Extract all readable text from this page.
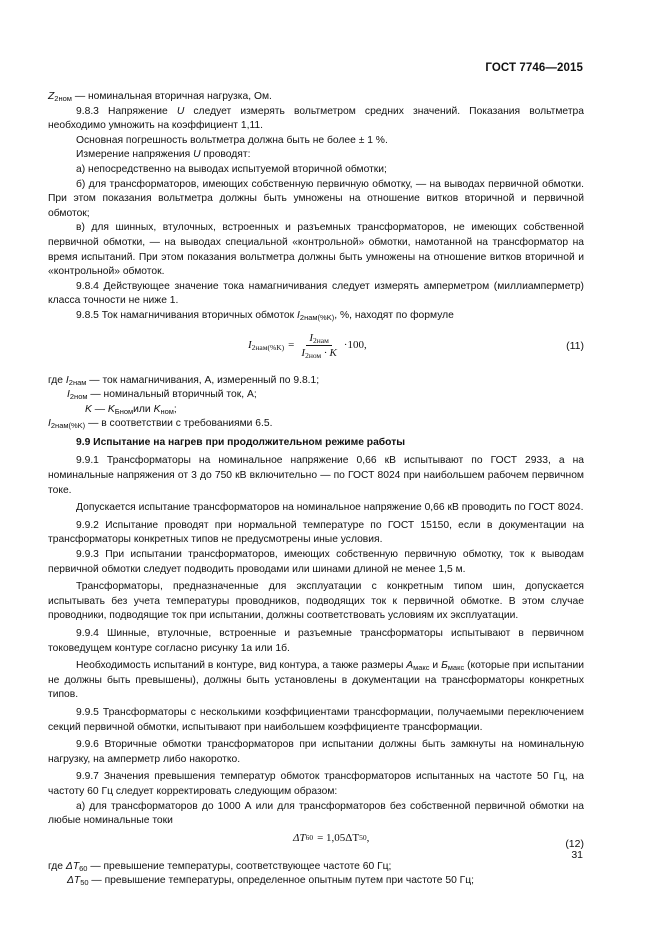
ГОСТ 7746—2015

$Z_{2ном}$ — номинальная вторичная нагрузка, Ом.

9.8.3 Напряжение U следует измерять вольтметром средних значений. Показания вольтметра необходимо умножить на коэффициент 1,11.

Основная погрешность вольтметра должна быть не более ± 1 %.

Измерение напряжения U проводят:

а) непосредственно на выводах испытуемой вторичной обмотки;

б) для трансформаторов, имеющих собственную первичную обмотку, — на выводах первичной обмотки. При этом показания вольтметра должны быть умножены на отношение витков вторичной и первичной обмоток;

в) для шинных, втулочных, встроенных и разъемных трансформаторов, не имеющих собственной первичной обмотки, — на выводах специальной «контрольной» обмотки, намотанной на трансформатор на время испытаний. При этом показания вольтметра должны быть умножены на отношение витков вторичной и «контрольной» обмоток.

9.8.4 Действующее значение тока намагничивания следует измерять амперметром (миллиамперметр) класса точности не ниже 1.

9.8.5 Ток намагничивания вторичных обмоток $I_{2нам(\%K)}$, %, находят по формуле

$I_{2нам(\%K)} = \frac{I_{2нам}}{I_{2ном} \cdot K} \cdot 100$,	(11)

где $I_{2нам}$ — ток намагничивания, А, измеренный по 9.8.1;

$I_{2ном}$ — номинальный вторичный ток, А;

K — $K_{Бном}или$ $K_{ном}$;

$I_{2нам(\%K)}$ — в соответствии с требованиями 6.5.

9.9 Испытание на нагрев при продолжительном режиме работы

9.9.1 Трансформаторы на номинальное напряжение 0,66 кВ испытывают по ГОСТ 2933, а на номинальные напряжения от 3 до 750 кВ включительно — по ГОСТ 8024 при наибольшем рабочем первичном токе.

Допускается испытание трансформаторов на номинальное напряжение 0,66 кВ проводить по ГОСТ 8024.

9.9.2 Испытание проводят при нормальной температуре по ГОСТ 15150, если в документации на трансформаторы конкретных типов не предусмотрены иные условия.

9.9.3 При испытании трансформаторов, имеющих собственную первичную обмотку, ток к выводам первичной обмотки следует подводить проводами или шинами длиной не менее 1,5 м.

Трансформаторы, предназначенные для эксплуатации с конкретным типом шин, допускается испытывать без учета температуры проводников, подводящих ток к первичной обмотке. В этом случае проводники, подводящие ток при испытании, должны соответствовать условиям их эксплуатации.

9.9.4 Шинные, втулочные, встроенные и разъемные трансформаторы испытывают в первичном токоведущем контуре согласно рисунку 1а или 1б.

Необходимость испытаний в контуре, вид контура, а также размеры $А_{макс}$ и $Б_{макс}$ (которые при испытании не должны быть превышены), должны быть установлены в документации на трансформаторы конкретных типов.

9.9.5 Трансформаторы с несколькими коэффициентами трансформации, получаемыми переключением секций первичной обмотки, испытывают при наибольшем коэффициенте трансформации.

9.9.6 Вторичные обмотки трансформаторов при испытании должны быть замкнуты на номинальную нагрузку, на амперметр либо накоротко.

9.9.7 Значения превышения температур обмоток трансформаторов испытанных на частоте 50 Гц, на частоту 60 Гц следует корректировать следующим образом:

а) для трансформаторов до 1000 А или для трансформаторов без собственной первичной обмотки на любые номинальные токи

ΔT 60 = 1,05ΔT 50 ,	(12)

где $\Delta T_{60}$ — превышение температуры, соответствующее частоте 60 Гц;

$\Delta T_{50}$ — превышение температуры, определенное опытным путем при частоте 50 Гц;

31
